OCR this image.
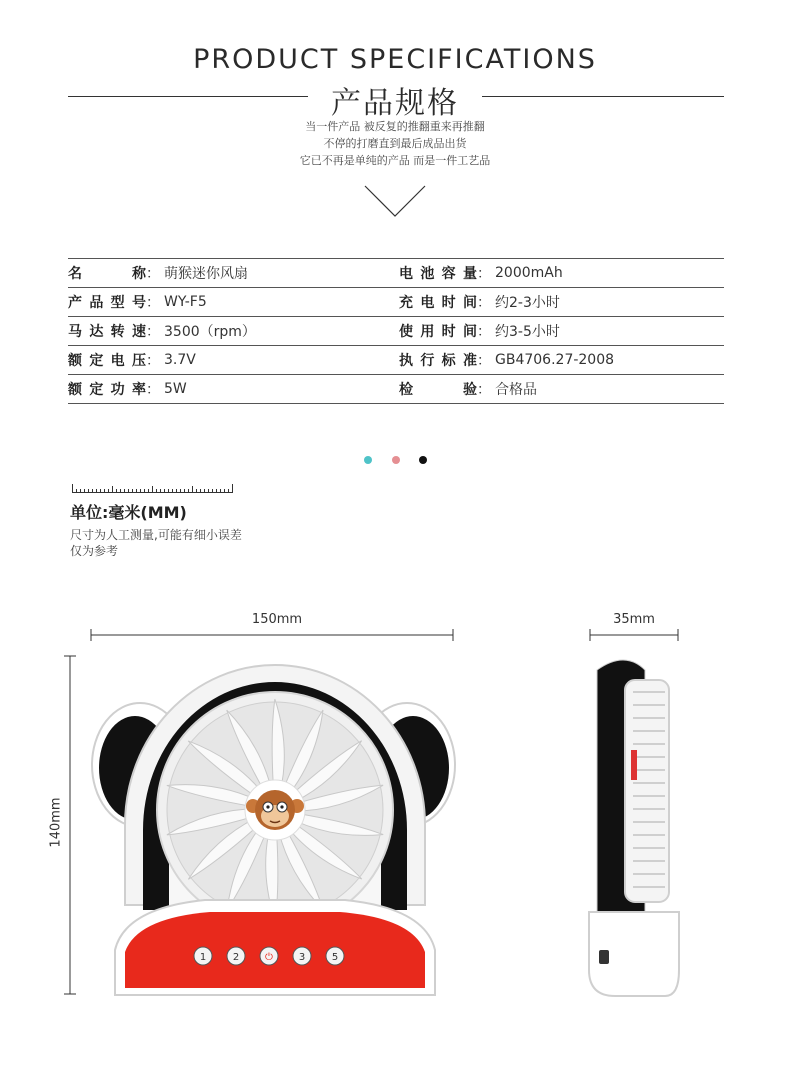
PRODUCT SPECIFICATIONS
产品规格
当一件产品 被反复的推翻重来再推翻
不停的打磨直到最后成品出货
它已不再是单纯的产品 而是一件工艺品
名　　称 ： 萌猴迷你风扇	电池容量 ： 2000mAh
产品型号 ： WY-F5	充电时间 ： 约2-3小时
马达转速 ： 3500（rpm）	使用时间 ： 约3-5小时
额定电压 ： 3.7V	执行标准 ： GB4706.27-2008
额定功率 ： 5W	检　　验 ： 合格品
单位:毫米(MM)
尺寸为人工测量,可能有细小误差
仅为参考
150mm	35mm
140mm
1	2	⏻	3	5
